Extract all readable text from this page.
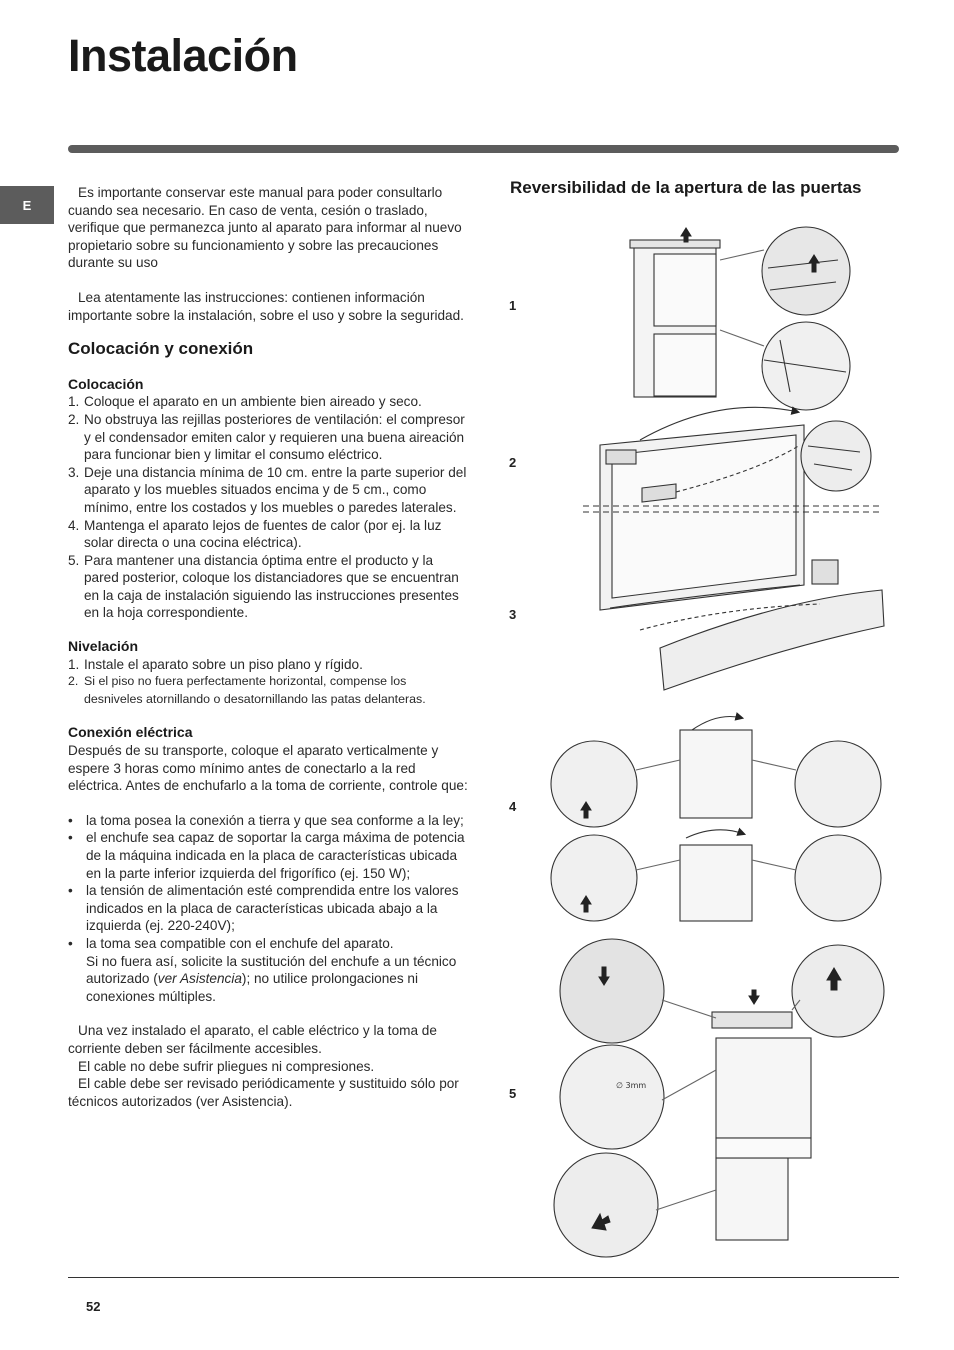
Instalación
E

Es importante conservar este manual para poder consultarlo cuando sea necesario. En caso de venta, cesión o traslado, verifique que permanezca junto al aparato para informar al nuevo propietario sobre su funcionamiento y sobre las precauciones durante su uso

Lea atentamente las instrucciones: contienen información importante sobre la instalación, sobre el uso y sobre la seguridad.

Colocación y conexión
Colocación
1. Coloque el aparato en un ambiente bien aireado y seco.
2. No obstruya las rejillas posteriores de ventilación: el compresor y el condensador emiten calor y requieren una buena aireación para funcionar bien y limitar el consumo eléctrico.
3. Deje una distancia mínima de 10 cm. entre la parte superior del aparato y los muebles situados encima y de 5 cm., como mínimo, entre los costados y los muebles o paredes laterales.
4. Mantenga el aparato lejos de fuentes de calor (por ej. la luz solar directa o una cocina eléctrica).
5. Para mantener una distancia óptima entre el producto y la pared posterior, coloque los distanciadores que se encuentran en la caja de instalación siguiendo las instrucciones presentes en la hoja correspondiente.
Nivelación
1. Instale el aparato sobre un piso plano y rígido.
2. Si el piso no fuera perfectamente horizontal, compense los desniveles atornillando o desatornillando las patas delanteras.
Conexión eléctrica

Después de su transporte, coloque el aparato verticalmente y espere 3 horas como mínimo antes de conectarlo a la red eléctrica. Antes de enchufarlo a la toma de corriente, controle que:

• la toma posea la conexión a tierra y que sea conforme a la ley;
• el enchufe sea capaz de soportar la carga máxima de potencia de la máquina indicada en la placa de características ubicada en la parte inferior izquierda del frigorífico (ej. 150 W);
• la tensión de alimentación esté comprendida entre los valores indicados en la placa de características ubicada abajo a la izquierda (ej. 220-240V);
• la toma sea compatible con el enchufe del aparato.
Si no fuera así, solicite la sustitución del enchufe a un técnico autorizado (ver Asistencia); no utilice prolongaciones ni conexiones múltiples.

Una vez instalado el aparato, el cable eléctrico y la toma de corriente deben ser fácilmente accesibles.

El cable no debe sufrir pliegues ni compresiones.

El cable debe ser revisado periódicamente y sustituido sólo por técnicos autorizados (ver Asistencia).

Reversibilidad de la apertura de las puertas
1
2
3
4
5
∅ 3mm
52
